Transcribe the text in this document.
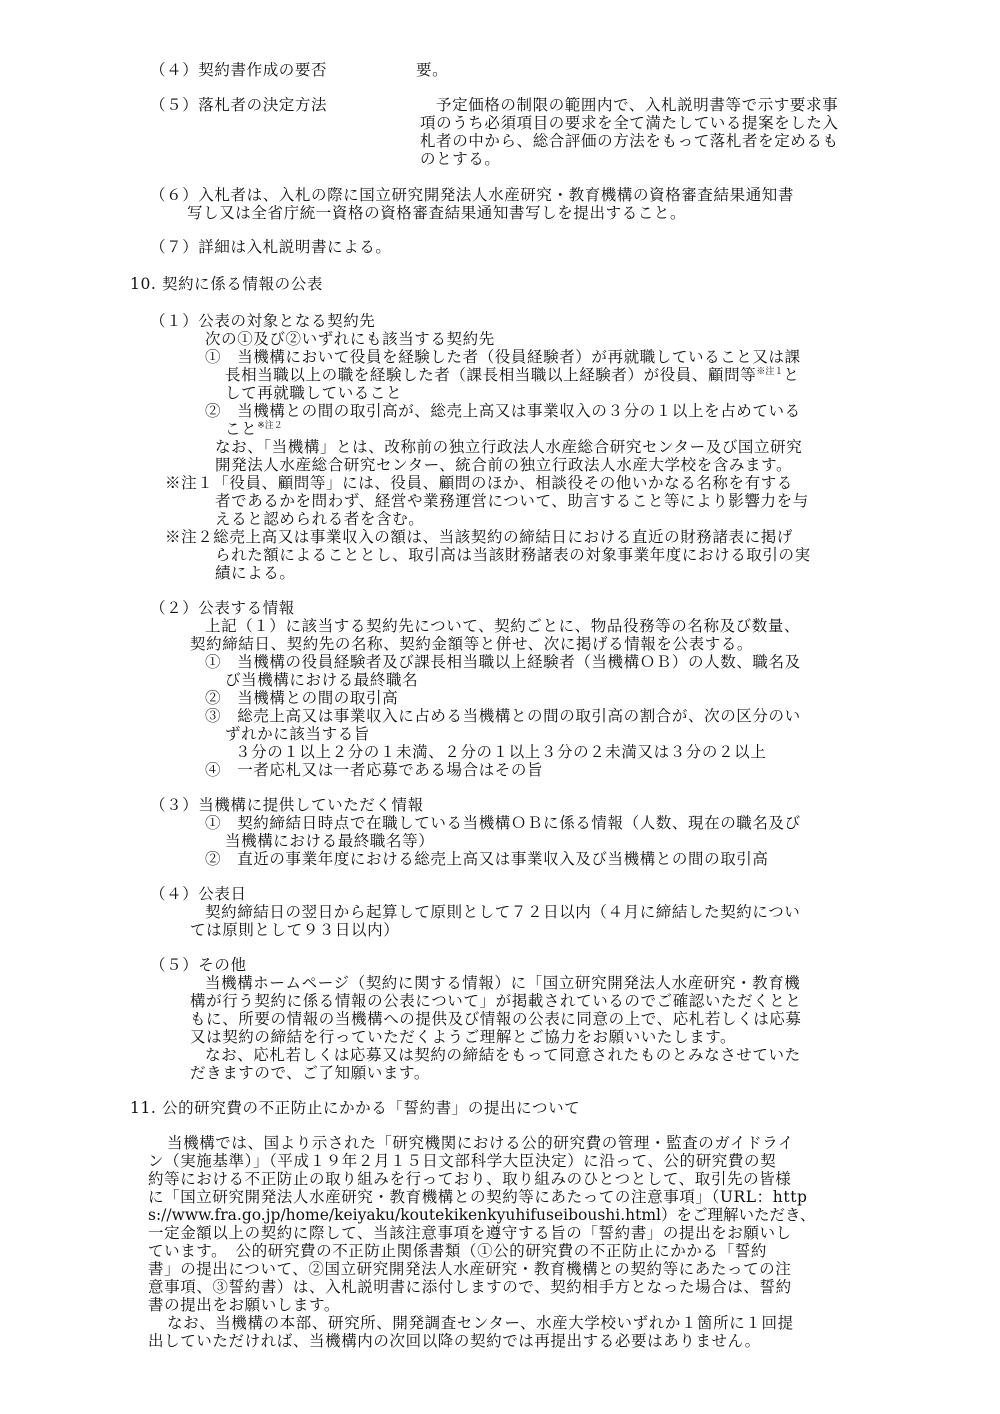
（４）契約書作成の要否	要。
（５）落札者の決定方法	予定価格の制限の範囲内で、入札説明書等で示す要求事
項のうち必須項目の要求を全て満たしている提案をした入
札者の中から、総合評価の方法をもって落札者を定めるも
のとする。
（６）入札者は、入札の際に国立研究開発法人水産研究・教育機構の資格審査結果通知書
写し又は全省庁統一資格の資格審査結果通知書写しを提出すること。
（７）詳細は入札説明書による。
10. 契約に係る情報の公表
（１）公表の対象となる契約先
次の①及び②いずれにも該当する契約先
①　当機構において役員を経験した者（役員経験者）が再就職していること又は課
長相当職以上の職を経験した者（課長相当職以上経験者）が役員、顧問等$^{※注1}$と
して再就職していること
②　当機構との間の取引高が、総売上高又は事業収入の３分の１以上を占めている
こと$^{※注2}$
なお、「当機構」とは、改称前の独立行政法人水産総合研究センター及び国立研究
開発法人水産総合研究センター、統合前の独立行政法人水産大学校を含みます。
※注１「役員、顧問等」には、役員、顧問のほか、相談役その他いかなる名称を有する
者であるかを問わず、経営や業務運営について、助言すること等により影響力を与
えると認められる者を含む。
※注２総売上高又は事業収入の額は、当該契約の締結日における直近の財務諸表に掲げ
られた額によることとし、取引高は当該財務諸表の対象事業年度における取引の実
績による。
（２）公表する情報
上記（１）に該当する契約先について、契約ごとに、物品役務等の名称及び数量、
契約締結日、契約先の名称、契約金額等と併せ、次に掲げる情報を公表する。
①　当機構の役員経験者及び課長相当職以上経験者（当機構ＯＢ）の人数、職名及
び当機構における最終職名
②　当機構との間の取引高
③　総売上高又は事業収入に占める当機構との間の取引高の割合が、次の区分のい
ずれかに該当する旨
３分の１以上２分の１未満、２分の１以上３分の２未満又は３分の２以上
④　一者応札又は一者応募である場合はその旨
（３）当機構に提供していただく情報
①　契約締結日時点で在職している当機構ＯＢに係る情報（人数、現在の職名及び
当機構における最終職名等）
②　直近の事業年度における総売上高又は事業収入及び当機構との間の取引高
（４）公表日
契約締結日の翌日から起算して原則として７２日以内（４月に締結した契約につい
ては原則として９３日以内）
（５）その他
当機構ホームページ（契約に関する情報）に「国立研究開発法人水産研究・教育機
構が行う契約に係る情報の公表について」が掲載されているのでご確認いただくとと
もに、所要の情報の当機構への提供及び情報の公表に同意の上で、応札若しくは応募
又は契約の締結を行っていただくようご理解とご協力をお願いいたします。
なお、応札若しくは応募又は契約の締結をもって同意されたものとみなさせていた
だきますので、ご了知願います。
11. 公的研究費の不正防止にかかる「誓約書」の提出について
当機構では、国より示された「研究機関における公的研究費の管理・監査のガイドライ
ン（実施基準）」（平成１９年２月１５日文部科学大臣決定）に沿って、公的研究費の契
約等における不正防止の取り組みを行っており、取り組みのひとつとして、取引先の皆様
に「国立研究開発法人水産研究・教育機構との契約等にあたっての注意事項」（URL：http
s://www.fra.go.jp/home/keiyaku/koutekikenkyuhifuseiboushi.html）をご理解いただき、
一定金額以上の契約に際して、当該注意事項を遵守する旨の「誓約書」の提出をお願いし
ています。　公的研究費の不正防止関係書類（①公的研究費の不正防止にかかる「誓約
書」の提出について、②国立研究開発法人水産研究・教育機構との契約等にあたっての注
意事項、③誓約書）は、入札説明書に添付しますので、契約相手方となった場合は、誓約
書の提出をお願いします。
なお、当機構の本部、研究所、開発調査センター、水産大学校いずれか１箇所に１回提
出していただければ、当機構内の次回以降の契約では再提出する必要はありません。
